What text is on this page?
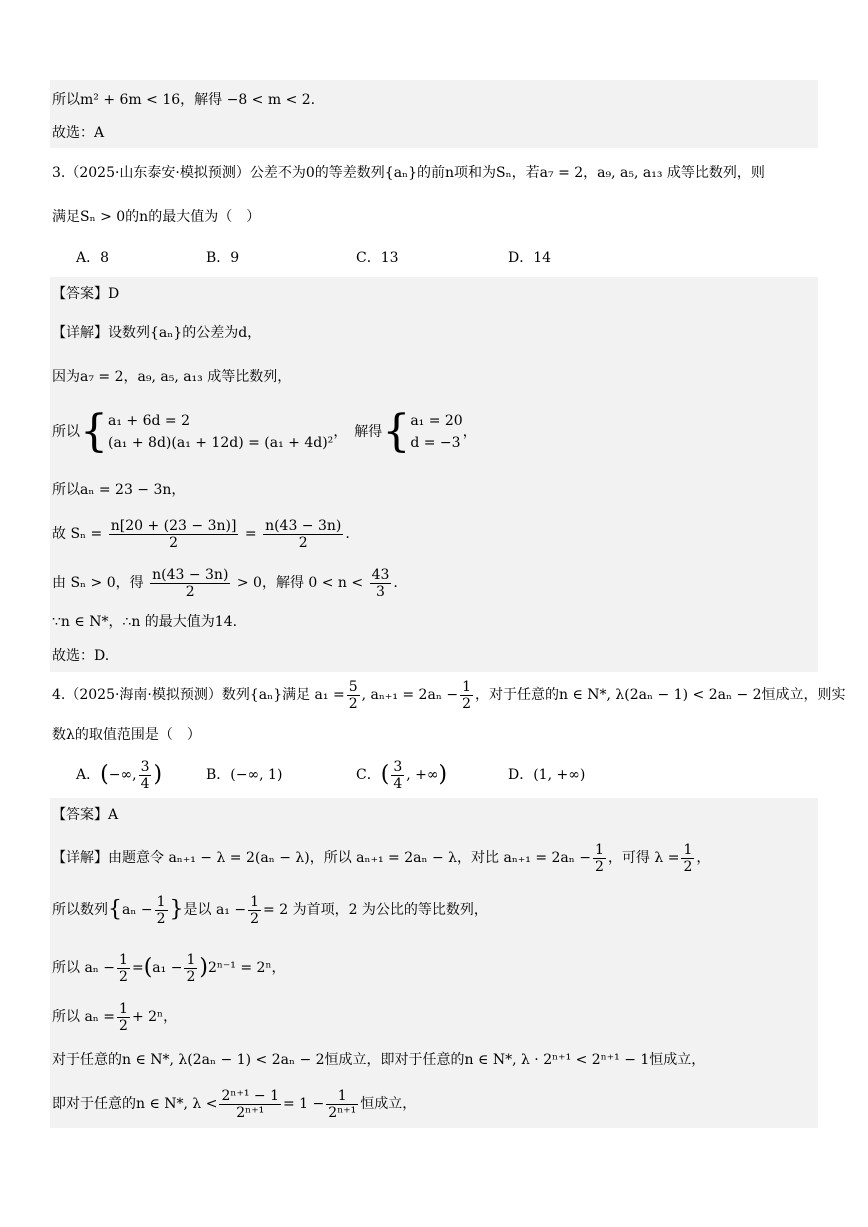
所以m² + 6m < 16，解得 −8 < m < 2.
故选：A
3.（2025·山东泰安·模拟预测）公差不为0的等差数列{aₙ}的前n项和为Sₙ，若a₇ = 2，a₉, a₅, a₁₃ 成等比数列，则
满足Sₙ > 0的n的最大值为（　）
A．8	B．9	C．13	D．14
【答案】D
【详解】设数列{aₙ}的公差为d，
因为a₇ = 2，a₉, a₅, a₁₃ 成等比数列，
所以{ a₁ + 6d = 2
(a₁ + 8d)(a₁ + 12d) = (a₁ + 4d)²
，　解得{ a₁ = 20
d = −3
，
所以aₙ = 23 − 3n，
故 $S_n = \frac{n[20 + (23 - 3n)]}{2} = \frac{n(43 - 3n)}{2}$ .
由 Sₙ > 0，得 $\frac{n(43 - 3n)}{2} > 0$，解得 $0 < n < \frac{43}{3}$ .
∵n ∈ N*，∴n 的最大值为14.
故选：D.
4.（2025·海南·模拟预测）数列{aₙ}满足 $a_1 = \frac{5}{2}$ , $a_{n+1} = 2a_n - \frac{1}{2}$ ，对于任意的n ∈ N*, λ(2aₙ − 1) < 2aₙ − 2恒成立，则实
数λ的取值范围是（　）
A．(−∞, $\frac{3}{4}$ )	B．(−∞, 1)	C．( $\frac{3}{4}$ , +∞)	D．(1, +∞)
【答案】A
【详解】由题意令 aₙ₊₁ − λ = 2(aₙ − λ)，所以 aₙ₊₁ = 2aₙ − λ，对比 $a_{n+1} = 2a_n - \frac{1}{2}$ ，可得 $\lambda = \frac{1}{2}$ ，
所以数列{$a_n - \frac{1}{2}$ }是以 $a_1 - \frac{1}{2} = 2$ 为首项，2 为公比的等比数列，
所以 $a_n - \frac{1}{2} =(a_1 - \frac{1}{2} )2^{n-1} = 2^n$，
所以 $a_n = \frac{1}{2} + 2^n$，
对于任意的n ∈ N*, λ(2aₙ − 1) < 2aₙ − 2恒成立，即对于任意的n ∈ N*, λ · 2ⁿ⁺¹ < 2ⁿ⁺¹ − 1恒成立，
即对于任意的n ∈ N*, $\lambda < \frac{\text{2ⁿ⁺¹ − 1}}{\text{2ⁿ⁺¹}} = 1 - \frac{1}{\text{2ⁿ⁺¹}}$ 恒成立，
